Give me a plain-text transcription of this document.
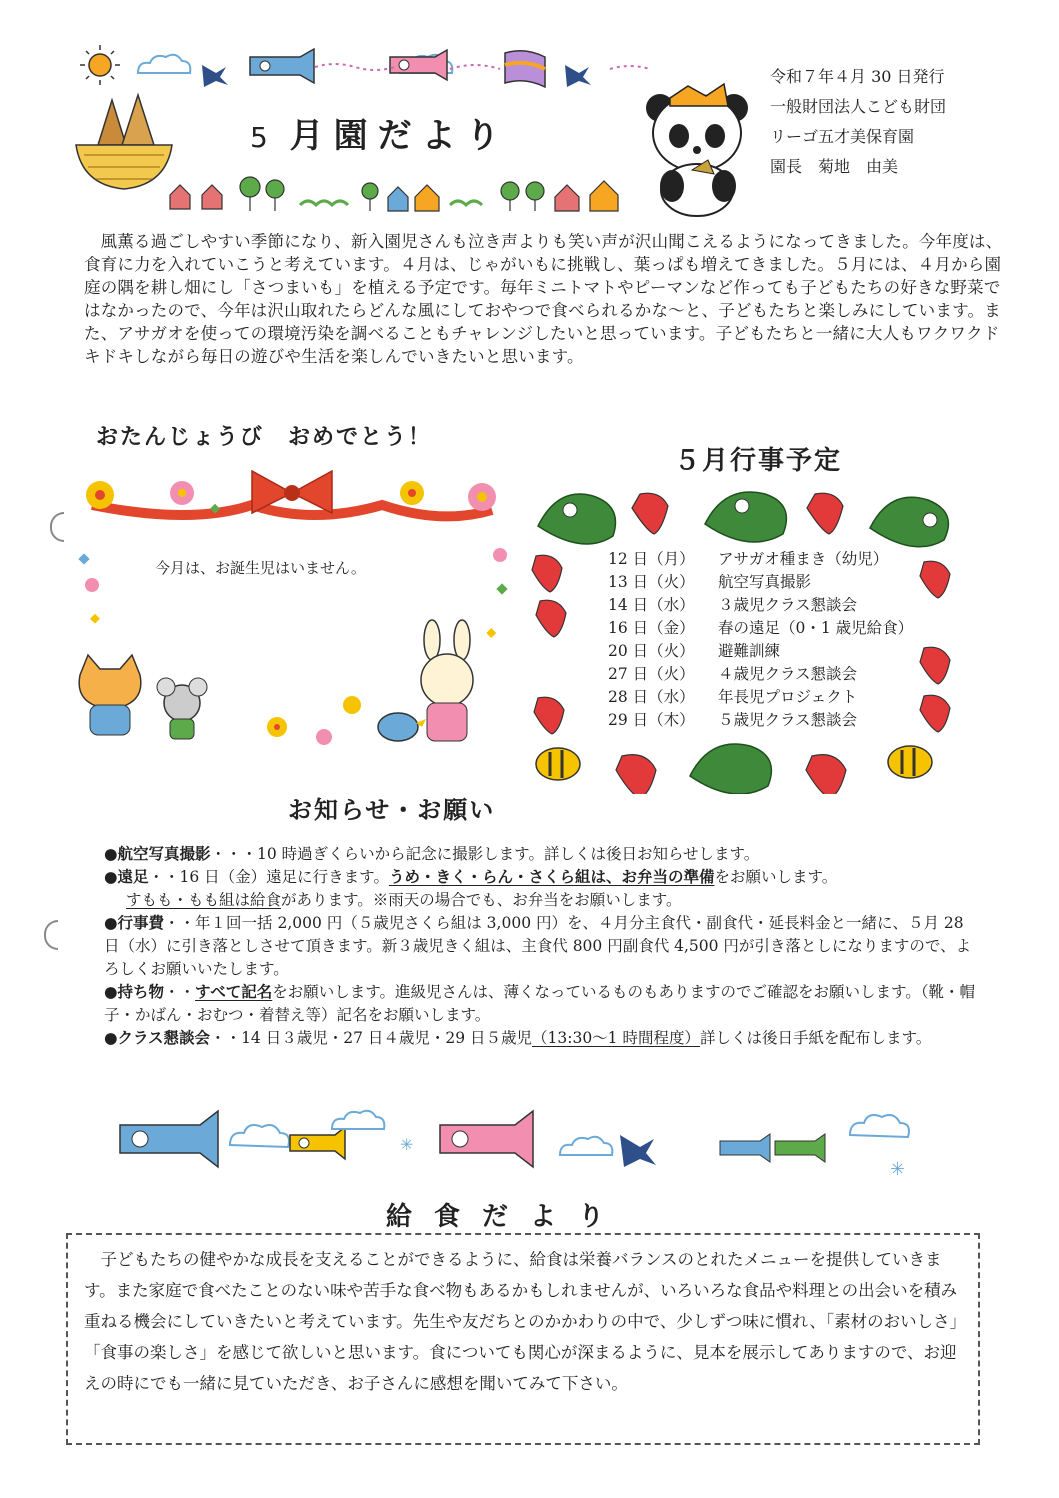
5 月園だより
令和７年４月 30 日発行
一般財団法人こども財団
リーゴ五才美保育園
園長　菊地　由美
風薫る過ごしやすい季節になり、新入園児さんも泣き声よりも笑い声が沢山聞こえるようになってきました。今年度は、食育に力を入れていこうと考えています。４月は、じゃがいもに挑戦し、葉っぱも増えてきました。５月には、４月から園庭の隅を耕し畑にし「さつまいも」を植える予定です。毎年ミニトマトやピーマンなど作っても子どもたちの好きな野菜ではなかったので、今年は沢山取れたらどんな風にしておやつで食べられるかな～と、子どもたちと楽しみにしています。また、アサガオを使っての環境汚染を調べることもチャレンジしたいと思っています。子どもたちと一緒に大人もワクワクドキドキしながら毎日の遊びや生活を楽しんでいきたいと思います。
おたんじょうび　おめでとう！
今月は、お誕生児はいません。
５月行事予定
12 日（月） アサガオ種まき（幼児）
13 日（火） 航空写真撮影
14 日（水） ３歳児クラス懇談会
16 日（金） 春の遠足（0・1 歳児給食）
20 日（火） 避難訓練
27 日（火） ４歳児クラス懇談会
28 日（水） 年長児プロジェクト
29 日（木） ５歳児クラス懇談会
お知らせ・お願い

●航空写真撮影・・・10 時過ぎくらいから記念に撮影します。詳しくは後日お知らせします。

●遠足・・16 日（金）遠足に行きます。うめ・きく・らん・さくら組は、お弁当の準備をお願いします。
すもも・もも組は給食があります。※雨天の場合でも、お弁当をお願いします。

●行事費・・年１回一括 2,000 円（５歳児さくら組は 3,000 円）を、４月分主食代・副食代・延長料金と一緒に、５月 28 日（水）に引き落としさせて頂きます。新３歳児きく組は、主食代 800 円副食代 4,500 円が引き落としになりますので、よろしくお願いいたします。

●持ち物・・すべて記名をお願いします。進級児さんは、薄くなっているものもありますのでご確認をお願いします。（靴・帽子・かばん・おむつ・着替え等）記名をお願いします。

●クラス懇談会・・14 日３歳児・27 日４歳児・29 日５歳児（13:30～1 時間程度）詳しくは後日手紙を配布します。

✳
✳
給食だより
子どもたちの健やかな成長を支えることができるように、給食は栄養バランスのとれたメニューを提供していきます。また家庭で食べたことのない味や苦手な食べ物もあるかもしれませんが、いろいろな食品や料理との出会いを積み重ねる機会にしていきたいと考えています。先生や友だちとのかかわりの中で、少しずつ味に慣れ、「素材のおいしさ」「食事の楽しさ」を感じて欲しいと思います。食についても関心が深まるように、見本を展示してありますので、お迎えの時にでも一緒に見ていただき、お子さんに感想を聞いてみて下さい。
